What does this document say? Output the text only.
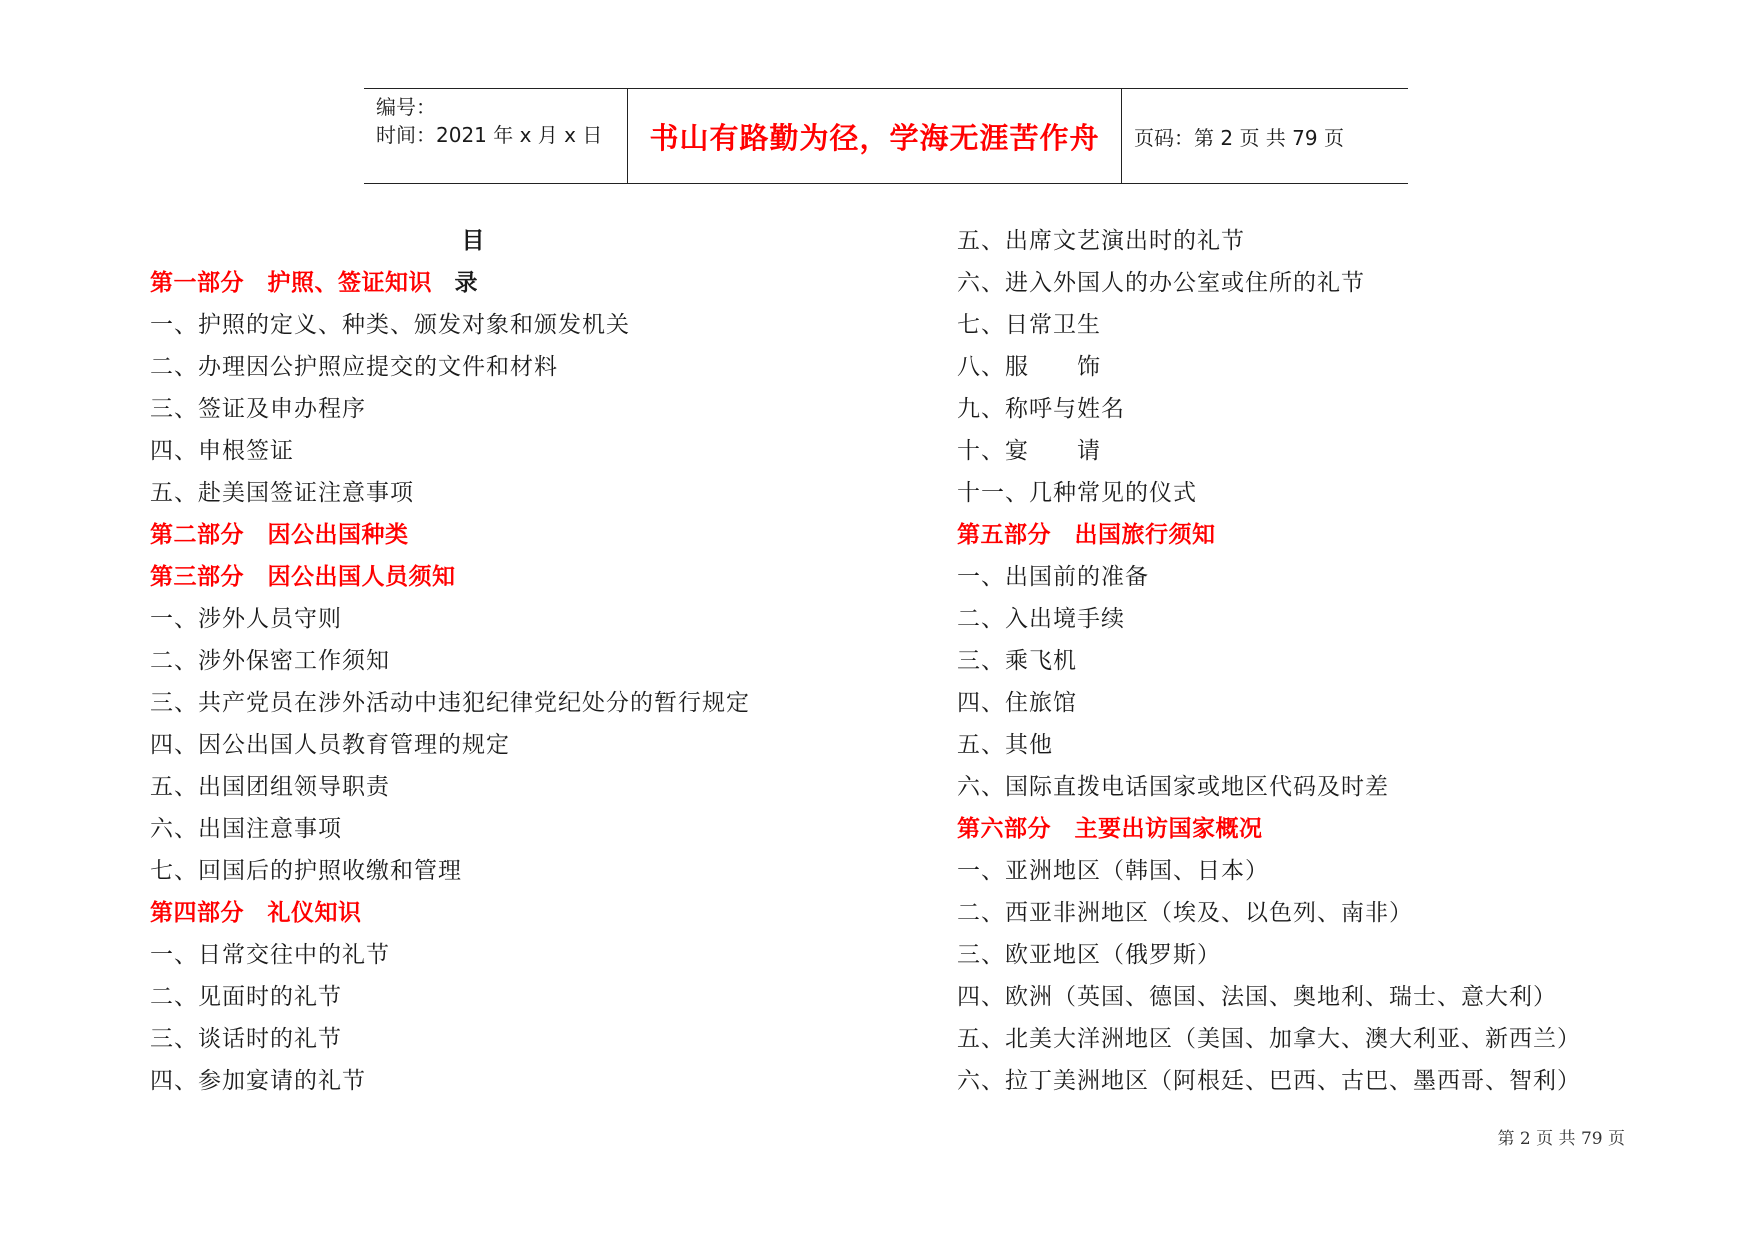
编号：
时间：2021 年 x 月 x 日	书山有路勤为径，学海无涯苦作舟	页码：第 2 页 共 79 页
目 录
第一部分　护照、签证知识
一、护照的定义、种类、颁发对象和颁发机关
二、办理因公护照应提交的文件和材料
三、签证及申办程序
四、申根签证
五、赴美国签证注意事项
第二部分　因公出国种类
第三部分　因公出国人员须知
一、涉外人员守则
二、涉外保密工作须知
三、共产党员在涉外活动中违犯纪律党纪处分的暂行规定
四、因公出国人员教育管理的规定
五、出国团组领导职责
六、出国注意事项
七、回国后的护照收缴和管理
第四部分　礼仪知识
一、日常交往中的礼节
二、见面时的礼节
三、谈话时的礼节
四、参加宴请的礼节
五、出席文艺演出时的礼节
六、进入外国人的办公室或住所的礼节
七、日常卫生
八、服　　饰
九、称呼与姓名
十、宴　　请
十一、几种常见的仪式
第五部分　出国旅行须知
一、出国前的准备
二、入出境手续
三、乘飞机
四、住旅馆
五、其他
六、国际直拨电话国家或地区代码及时差
第六部分　主要出访国家概况
一、亚洲地区（韩国、日本）
二、西亚非洲地区（埃及、以色列、南非）
三、欧亚地区（俄罗斯）
四、欧洲（英国、德国、法国、奥地利、瑞士、意大利）
五、北美大洋洲地区（美国、加拿大、澳大利亚、新西兰）
六、拉丁美洲地区（阿根廷、巴西、古巴、墨西哥、智利）
第 2 页 共 79 页
